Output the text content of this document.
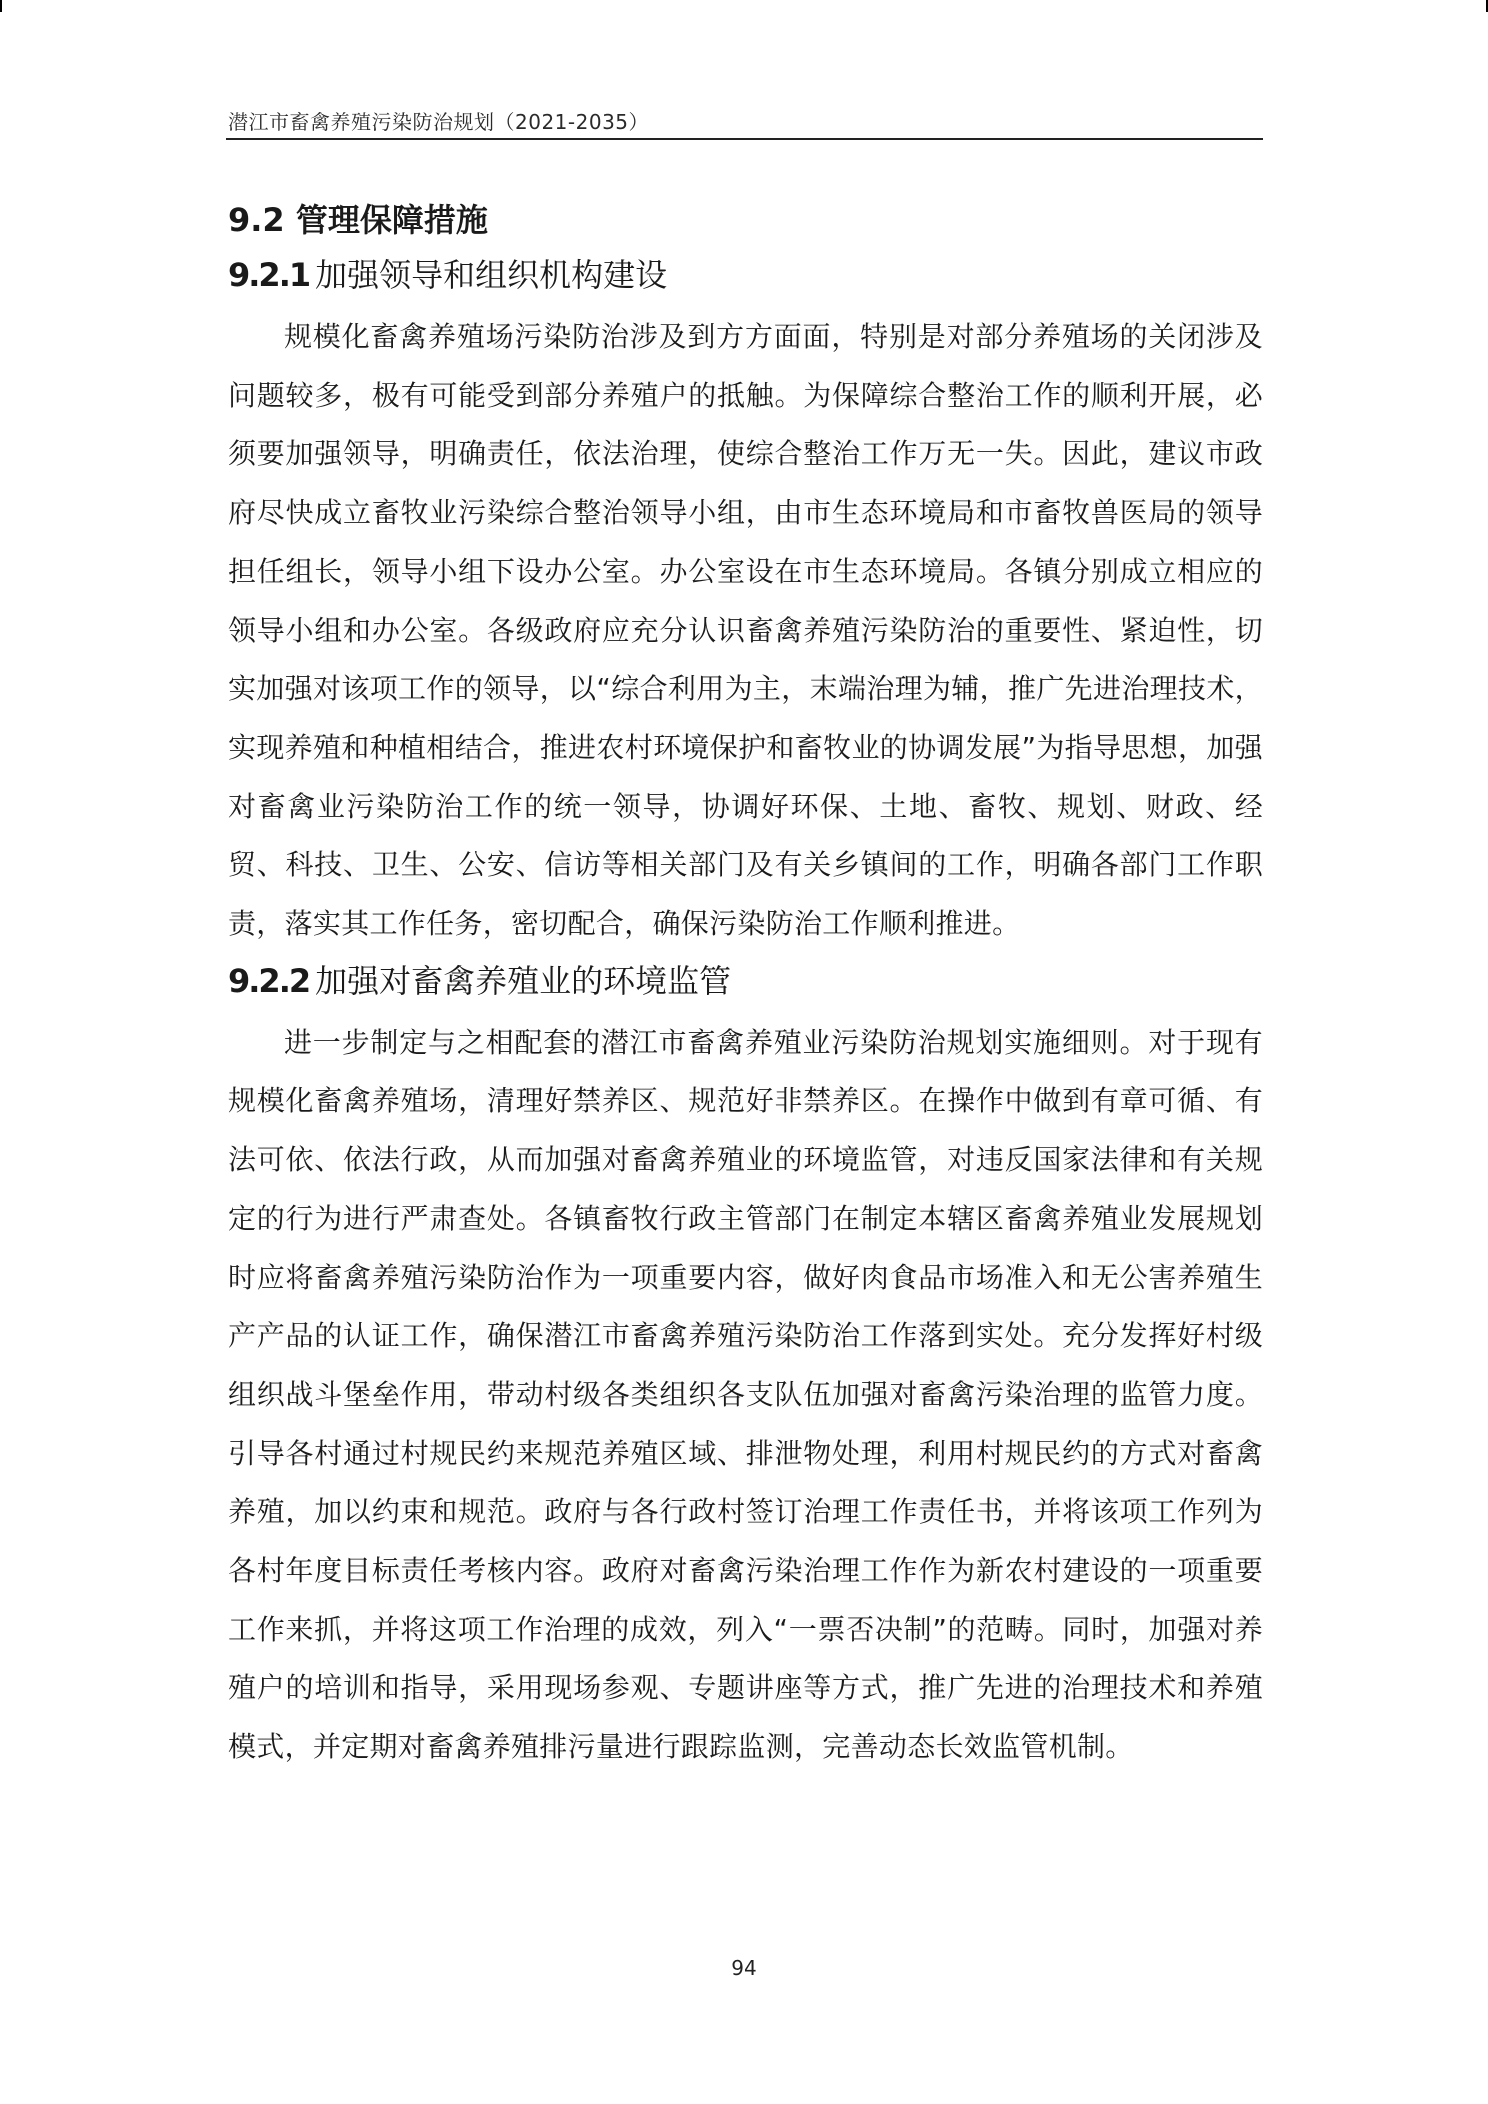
潜江市畜禽养殖污染防治规划（2021-2035）
9.2 管理保障措施
9.2.1 加强领导和组织机构建设

规模化畜禽养殖场污染防治涉及到方方面面，特别是对部分养殖场的关闭涉及问题较多，极有可能受到部分养殖户的抵触。为保障综合整治工作的顺利开展，必须要加强领导，明确责任，依法治理，使综合整治工作万无一失。因此，建议市政府尽快成立畜牧业污染综合整治领导小组，由市生态环境局和市畜牧兽医局的领导担任组长，领导小组下设办公室。办公室设在市生态环境局。各镇分别成立相应的领导小组和办公室。各级政府应充分认识畜禽养殖污染防治的重要性、紧迫性，切实加强对该项工作的领导，以“综合利用为主，末端治理为辅，推广先进治理技术，实现养殖和种植相结合，推进农村环境保护和畜牧业的协调发展”为指导思想，加强对畜禽业污染防治工作的统一领导，协调好环保、土地、畜牧、规划、财政、经贸、科技、卫生、公安、信访等相关部门及有关乡镇间的工作，明确各部门工作职责，落实其工作任务，密切配合，确保污染防治工作顺利推进。

9.2.2 加强对畜禽养殖业的环境监管

进一步制定与之相配套的潜江市畜禽养殖业污染防治规划实施细则。对于现有规模化畜禽养殖场，清理好禁养区、规范好非禁养区。在操作中做到有章可循、有法可依、依法行政，从而加强对畜禽养殖业的环境监管，对违反国家法律和有关规定的行为进行严肃查处。各镇畜牧行政主管部门在制定本辖区畜禽养殖业发展规划时应将畜禽养殖污染防治作为一项重要内容，做好肉食品市场准入和无公害养殖生产产品的认证工作，确保潜江市畜禽养殖污染防治工作落到实处。充分发挥好村级组织战斗堡垒作用，带动村级各类组织各支队伍加强对畜禽污染治理的监管力度。引导各村通过村规民约来规范养殖区域、排泄物处理，利用村规民约的方式对畜禽养殖，加以约束和规范。政府与各行政村签订治理工作责任书，并将该项工作列为各村年度目标责任考核内容。政府对畜禽污染治理工作作为新农村建设的一项重要工作来抓，并将这项工作治理的成效，列入“一票否决制”的范畴。同时，加强对养殖户的培训和指导，采用现场参观、专题讲座等方式，推广先进的治理技术和养殖模式，并定期对畜禽养殖排污量进行跟踪监测，完善动态长效监管机制。

94
